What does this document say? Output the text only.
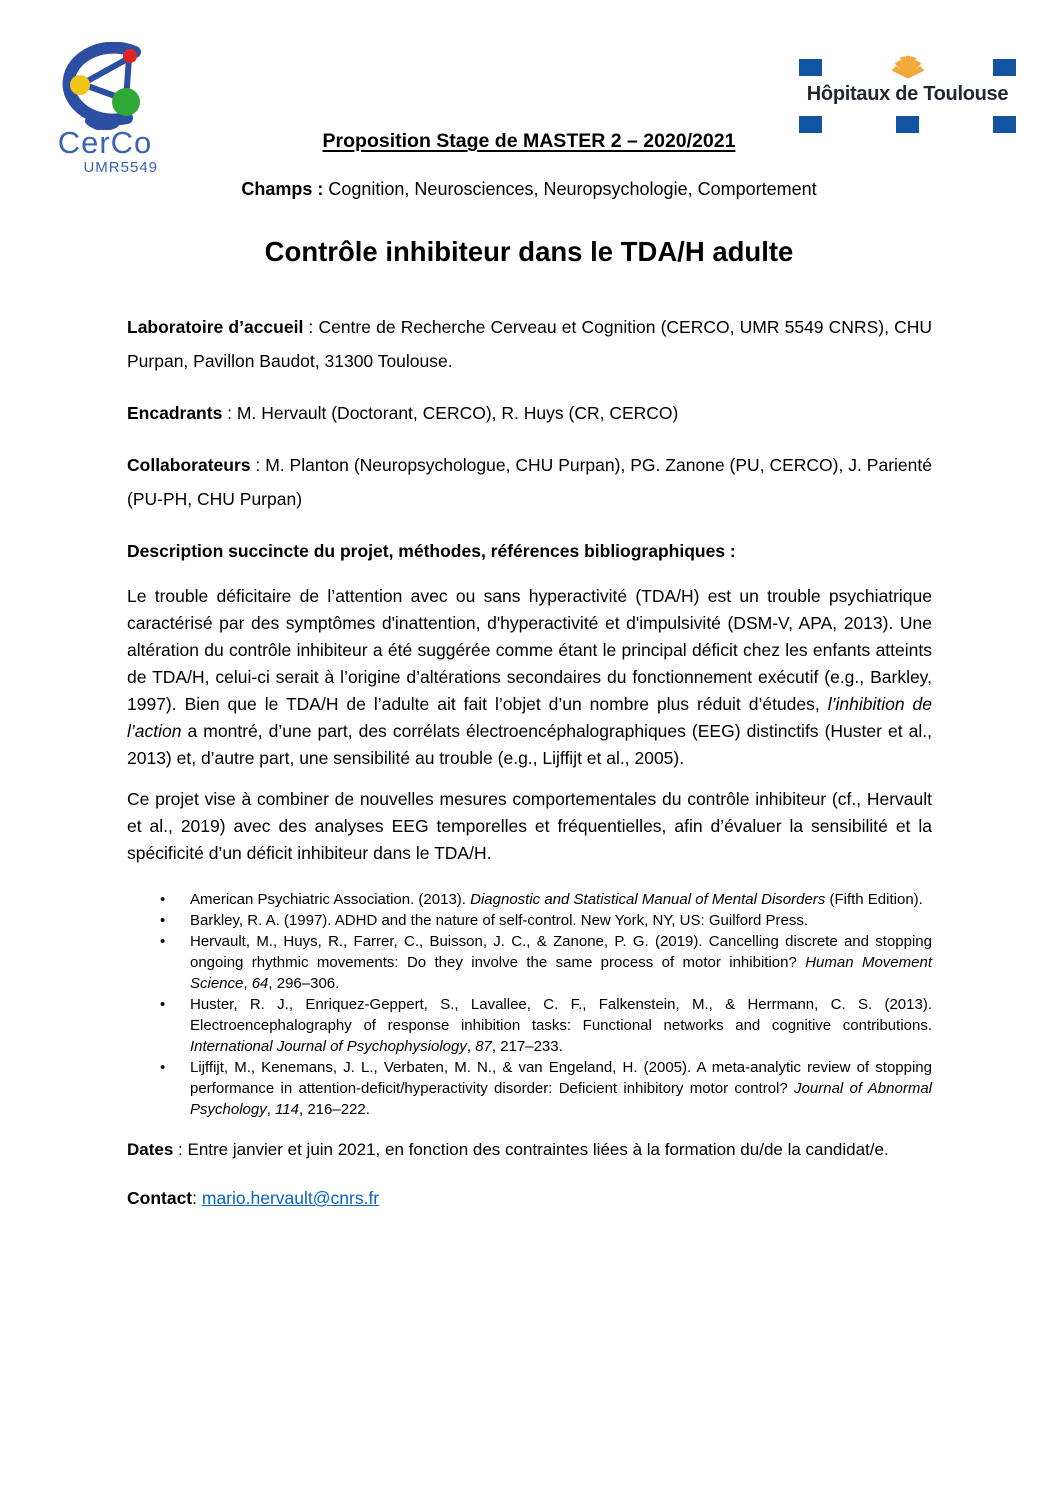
CerCo
UMR5549
Hôpitaux de Toulouse
Proposition Stage de MASTER 2 – 2020/2021
Champs : Cognition, Neurosciences, Neuropsychologie, Comportement
Contrôle inhibiteur dans le TDA/H adulte

Laboratoire d’accueil : Centre de Recherche Cerveau et Cognition (CERCO, UMR 5549 CNRS), CHU Purpan, Pavillon Baudot, 31300 Toulouse.

Encadrants : M. Hervault (Doctorant, CERCO), R. Huys (CR, CERCO)

Collaborateurs : M. Planton (Neuropsychologue, CHU Purpan), PG. Zanone (PU, CERCO), J. Parienté (PU-PH, CHU Purpan)

Description succincte du projet, méthodes, références bibliographiques :

Le trouble déficitaire de l’attention avec ou sans hyperactivité (TDA/H) est un trouble psychiatrique caractérisé par des symptômes d'inattention, d'hyperactivité et d'impulsivité (DSM-V, APA, 2013). Une altération du contrôle inhibiteur a été suggérée comme étant le principal déficit chez les enfants atteints de TDA/H, celui-ci serait à l’origine d’altérations secondaires du fonctionnement exécutif (e.g., Barkley, 1997). Bien que le TDA/H de l’adulte ait fait l’objet d’un nombre plus réduit d’études, l’inhibition de l’action a montré, d’une part, des corrélats électroencéphalographiques (EEG) distinctifs (Huster et al., 2013) et, d’autre part, une sensibilité au trouble (e.g., Lijffijt et al., 2005).

Ce projet vise à combiner de nouvelles mesures comportementales du contrôle inhibiteur (cf., Hervault et al., 2019) avec des analyses EEG temporelles et fréquentielles, afin d’évaluer la sensibilité et la spécificité d’un déficit inhibiteur dans le TDA/H.

• American Psychiatric Association. (2013). Diagnostic and Statistical Manual of Mental Disorders (Fifth Edition).
• Barkley, R. A. (1997). ADHD and the nature of self-control. New York, NY, US: Guilford Press.
• Hervault, M., Huys, R., Farrer, C., Buisson, J. C., & Zanone, P. G. (2019). Cancelling discrete and stopping ongoing rhythmic movements: Do they involve the same process of motor inhibition? Human Movement Science, 64, 296–306.
• Huster, R. J., Enriquez-Geppert, S., Lavallee, C. F., Falkenstein, M., & Herrmann, C. S. (2013). Electroencephalography of response inhibition tasks: Functional networks and cognitive contributions. International Journal of Psychophysiology, 87, 217–233.
• Lijffijt, M., Kenemans, J. L., Verbaten, M. N., & van Engeland, H. (2005). A meta-analytic review of stopping performance in attention-deficit/hyperactivity disorder: Deficient inhibitory motor control? Journal of Abnormal Psychology, 114, 216–222.

Dates : Entre janvier et juin 2021, en fonction des contraintes liées à la formation du/de la candidat/e.

Contact: mario.hervault@cnrs.fr
